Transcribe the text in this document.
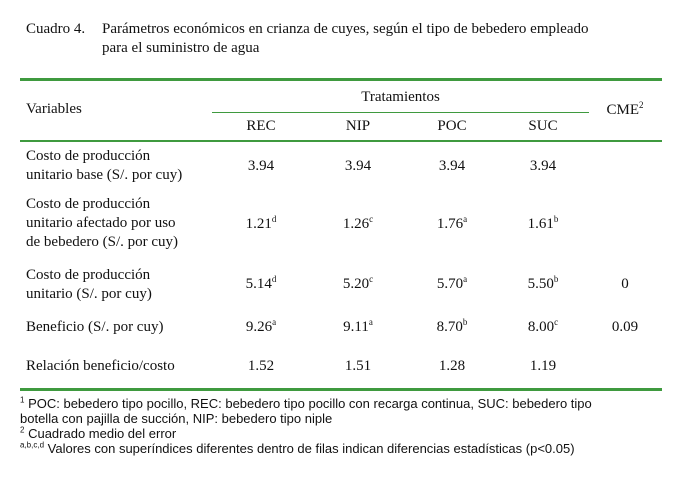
Cuadro 4. Parámetros económicos en crianza de cuyes, según el tipo de bebedero empleado
para el suministro de agua
Variables
Tratamientos
CME$^2$
REC	NIP	POC	SUC
Costo de producción
unitario base (S/. por cuy)
3.94	3.94	3.94	3.94
Costo de producción
unitario afectado por uso
de bebedero (S/. por cuy)
1.21$^d$	1.26$^c$	1.76$^a$	1.61$^b$
Costo de producción
unitario (S/. por cuy)
5.14$^d$	5.20$^c$	5.70$^a$	5.50$^b$	0
Beneficio (S/. por cuy)	9.26$^a$	9.11$^a$	8.70$^b$	8.00$^c$	0.09
Relación beneficio/costo	1.52	1.51	1.28	1.19
$^1$ POC: bebedero tipo pocillo, REC: bebedero tipo pocillo con recarga continua, SUC: bebedero tipo
botella con pajilla de succión, NIP: bebedero tipo niple
$^2$ Cuadrado medio del error
$^{a,b,c,d}$ Valores con superíndices diferentes dentro de filas indican diferencias estadísticas (p<0.05)
